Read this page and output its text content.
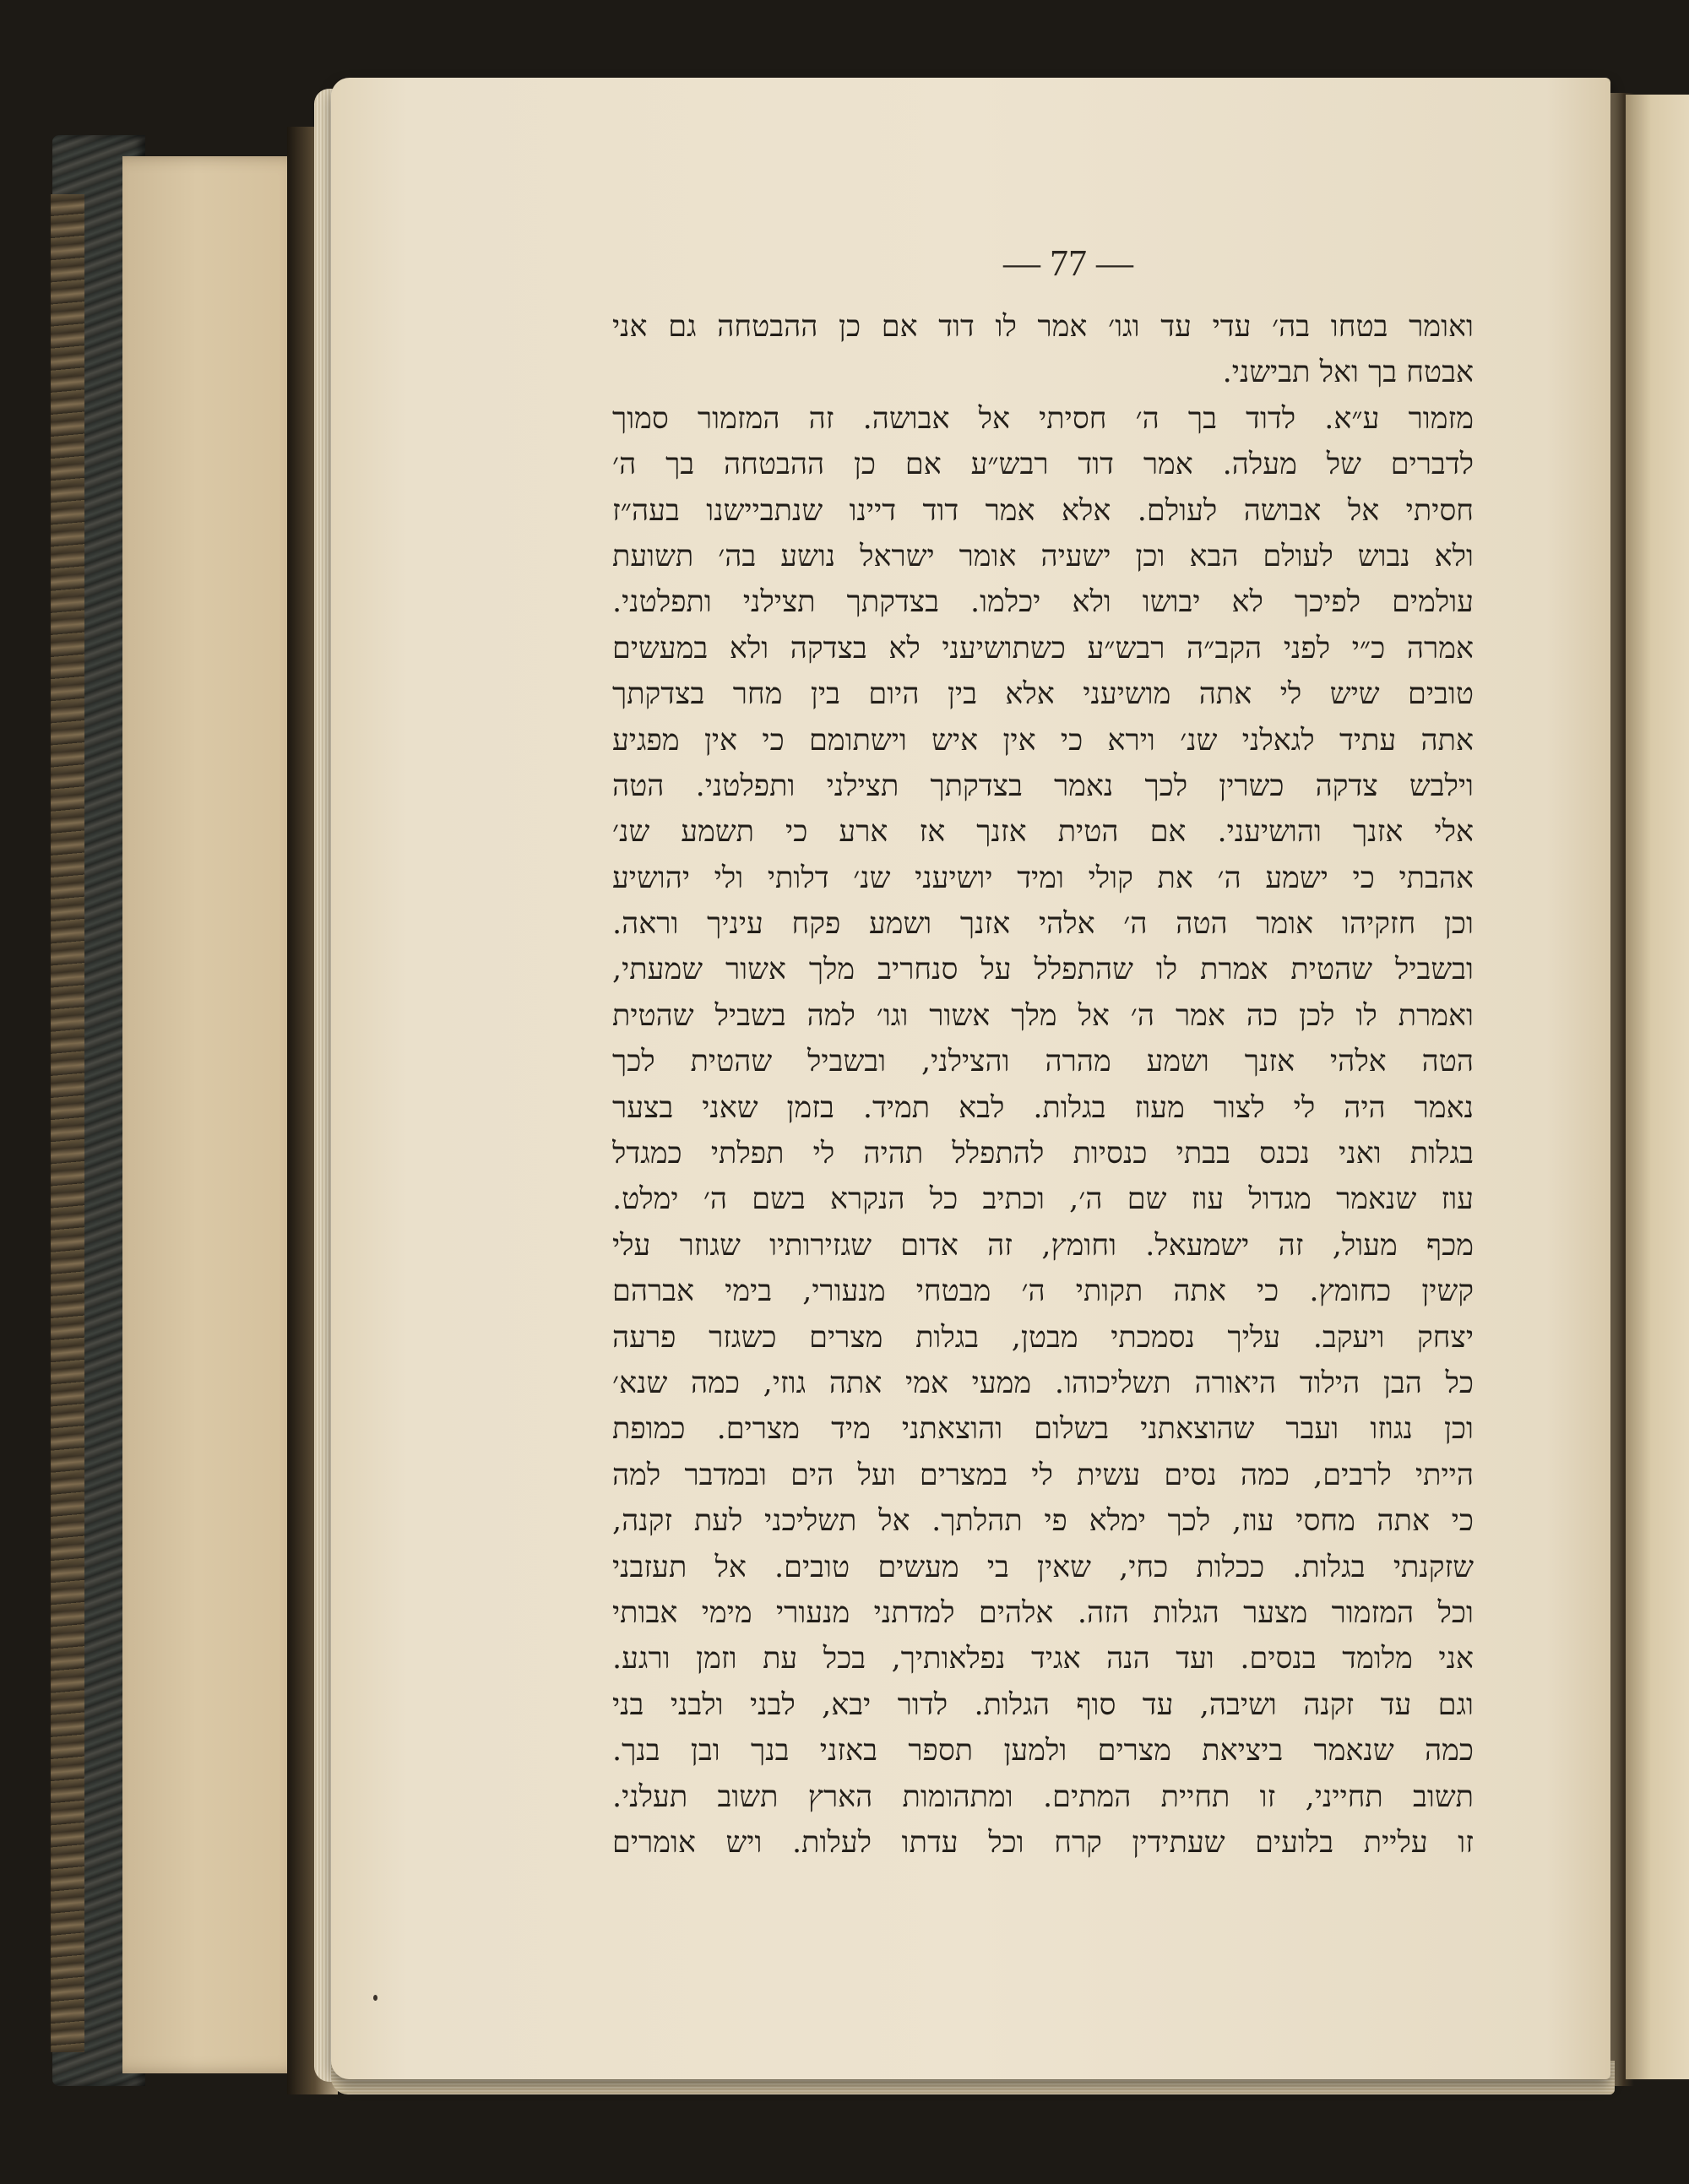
— 77 —
ואומר בטחו בה׳ עדי עד וגו׳ אמר לו דוד אם כן ההבטחה גם אני
אבטח בך ואל תבישני.
מזמור ע״א. לדוד בך ה׳ חסיתי אל אבושה. זה המזמור סמוך
לדברים של מעלה. אמר דוד רבש״ע אם כן ההבטחה בך ה׳
חסיתי אל אבושה לעולם. אלא אמר דוד דיינו שנתביישנו בעה״ז
ולא נבוש לעולם הבא וכן ישעיה אומר ישראל נושע בה׳ תשועת
עולמים לפיכך לא יבושו ולא יכלמו. בצדקתך תצילני ותפלטני.
אמרה כ״י לפני הקב״ה רבש״ע כשתושיעני לא בצדקה ולא במעשים
טובים שיש לי אתה מושיעני אלא בין היום בין מחר בצדקתך
אתה עתיד לגאלני שנ׳ וירא כי אין איש וישתומם כי אין מפגיע
וילבש צדקה כשרין לכך נאמר בצדקתך תצילני ותפלטני. הטה
אלי אזנך והושיעני. אם הטית אזנך אז ארע כי תשמע שנ׳
אהבתי כי ישמע ה׳ את קולי ומיד יושיעני שנ׳ דלותי ולי יהושיע
וכן חזקיהו אומר הטה ה׳ אלהי אזנך ושמע פקח עיניך וראה.
ובשביל שהטית אמרת לו שהתפלל על סנחריב מלך אשור שמעתי,
ואמרת לו לכן כה אמר ה׳ אל מלך אשור וגו׳ למה בשביל שהטית
הטה אלהי אזנך ושמע מהרה והצילני, ובשביל שהטית לכך
נאמר היה לי לצור מעוז בגלות. לבא תמיד. בזמן שאני בצער
בגלות ואני נכנס בבתי כנסיות להתפלל תהיה לי תפלתי כמגדל
עוז שנאמר מגדול עוז שם ה׳, וכתיב כל הנקרא בשם ה׳ ימלט.
מכף מעול, זה ישמעאל. וחומץ, זה אדום שגזירותיו שגוזר עלי
קשין כחומץ. כי אתה תקותי ה׳ מבטחי מנעורי, בימי אברהם
יצחק ויעקב. עליך נסמכתי מבטן, בגלות מצרים כשגזר פרעה
כל הבן הילוד היאורה תשליכוהו. ממעי אמי אתה גוזי, כמה שנא׳
וכן נגוזו ועבר שהוצאתני בשלום והוצאתני מיד מצרים. כמופת
הייתי לרבים, כמה נסים עשית לי במצרים ועל הים ובמדבר למה
כי אתה מחסי עוז, לכך ימלא פי תהלתך. אל תשליכני לעת זקנה,
שזקנתי בגלות. ככלות כחי, שאין בי מעשים טובים. אל תעזבני
וכל המזמור מצער הגלות הזה. אלהים למדתני מנעורי מימי אבותי
אני מלומד בנסים. ועד הנה אגיד נפלאותיך, בכל עת וזמן ורגע.
וגם עד זקנה ושיבה, עד סוף הגלות. לדור יבא, לבני ולבני בני
כמה שנאמר ביציאת מצרים ולמען תספר באזני בנך ובן בנך.
תשוב תחייני, זו תחיית המתים. ומתהומות הארץ תשוב תעלני.
זו עליית בלועים שעתידין קרח וכל עדתו לעלות. ויש אומרים
